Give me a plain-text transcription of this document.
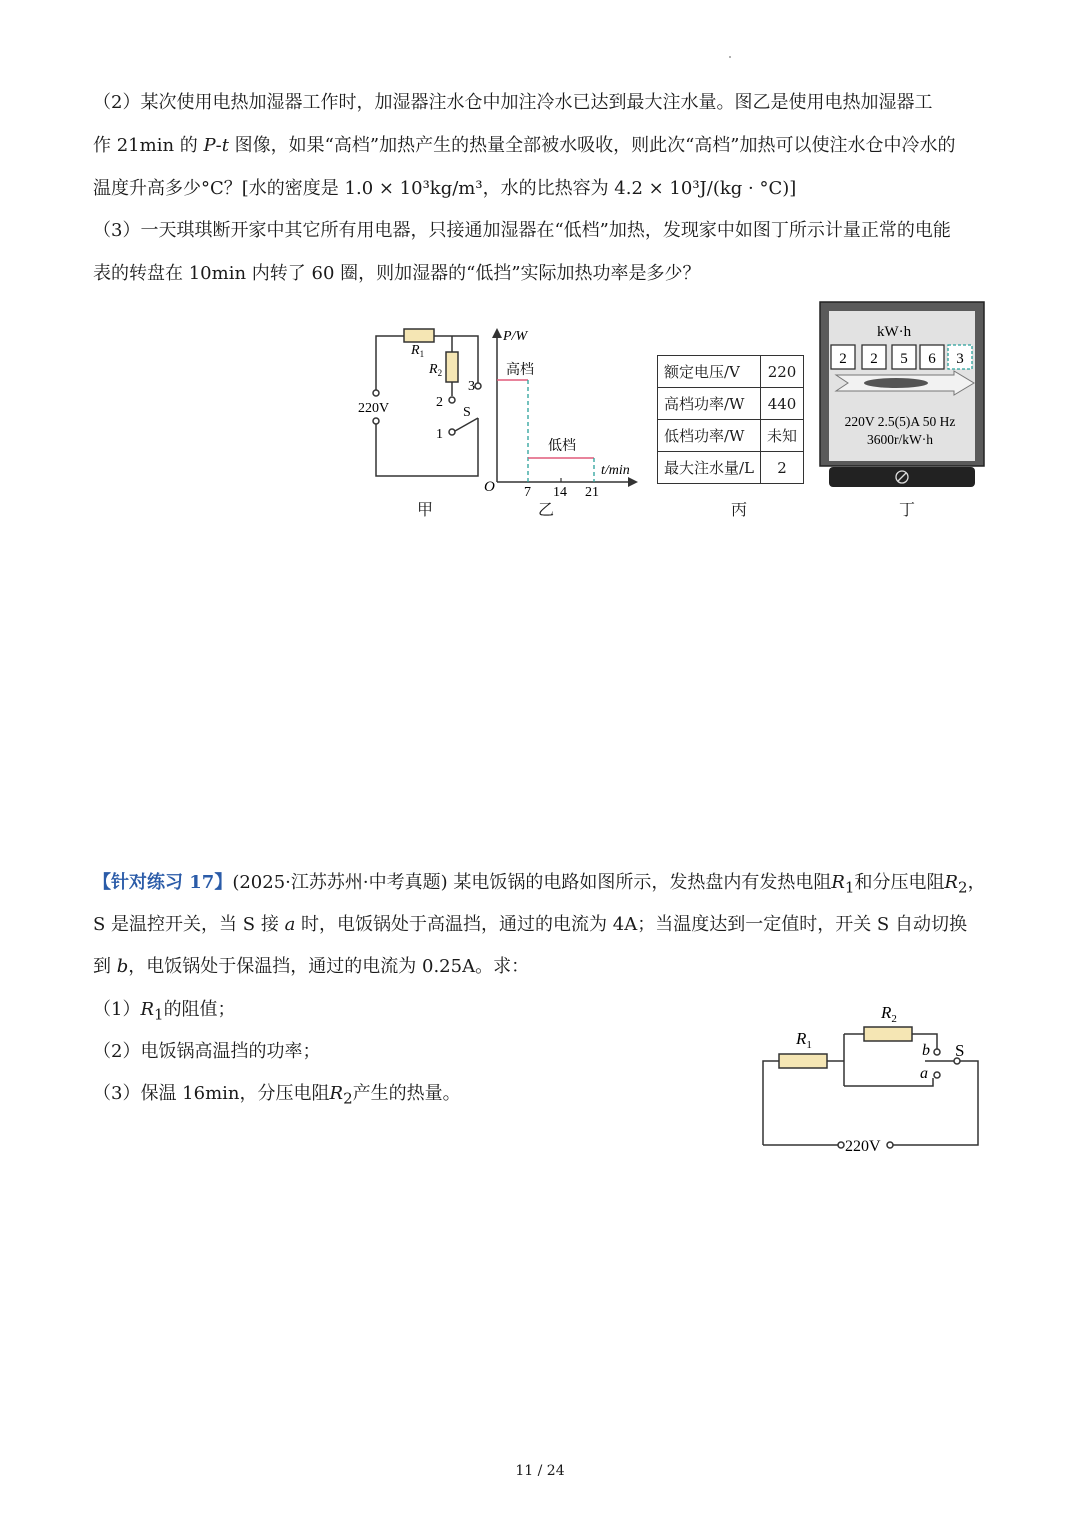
（2）某次使用电热加湿器工作时，加湿器注水仓中加注冷水已达到最大注水量。图乙是使用电热加湿器工
作 21min 的 P-t 图像，如果“高档”加热产生的热量全部被水吸收，则此次“高档”加热可以使注水仓中冷水的
温度升高多少°C？[水的密度是 1.0 × 10³kg/m³，水的比热容为 4.2 × 10³J/(kg · °C)]
（3）一天琪琪断开家中其它所有用电器，只接通加湿器在“低档”加热，发现家中如图丁所示计量正常的电能
表的转盘在 10min 内转了 60 圈，则加湿器的“低挡”实际加热功率是多少？
$R_1$
$R_2$
220V
3
2
1
S
P/W
t/min
O
高档
低档
7 14 21
kW·h
2 2 5 6 3
220V 2.5(5)A 50 Hz
3600r/kW·h
$R_1$
$R_2$
b
a
S
220V
额定电压/V	220
高档功率/W	440
低档功率/W	未知
最大注水量/L	2
甲	乙	丙	丁
【针对练习 17】(2025·江苏苏州·中考真题) 某电饭锅的电路如图所示，发热盘内有发热电阻$R_1$和分压电阻$R_2$，
S 是温控开关，当 S 接 a 时，电饭锅处于高温挡，通过的电流为 4A；当温度达到一定值时，开关 S 自动切换
到 b，电饭锅处于保温挡，通过的电流为 0.25A。求：
$(1)R_1$的阻值；
（2）电饭锅高温挡的功率；
（3）保温 16min，分压电阻$R_2$产生的热量。
11 / 24
